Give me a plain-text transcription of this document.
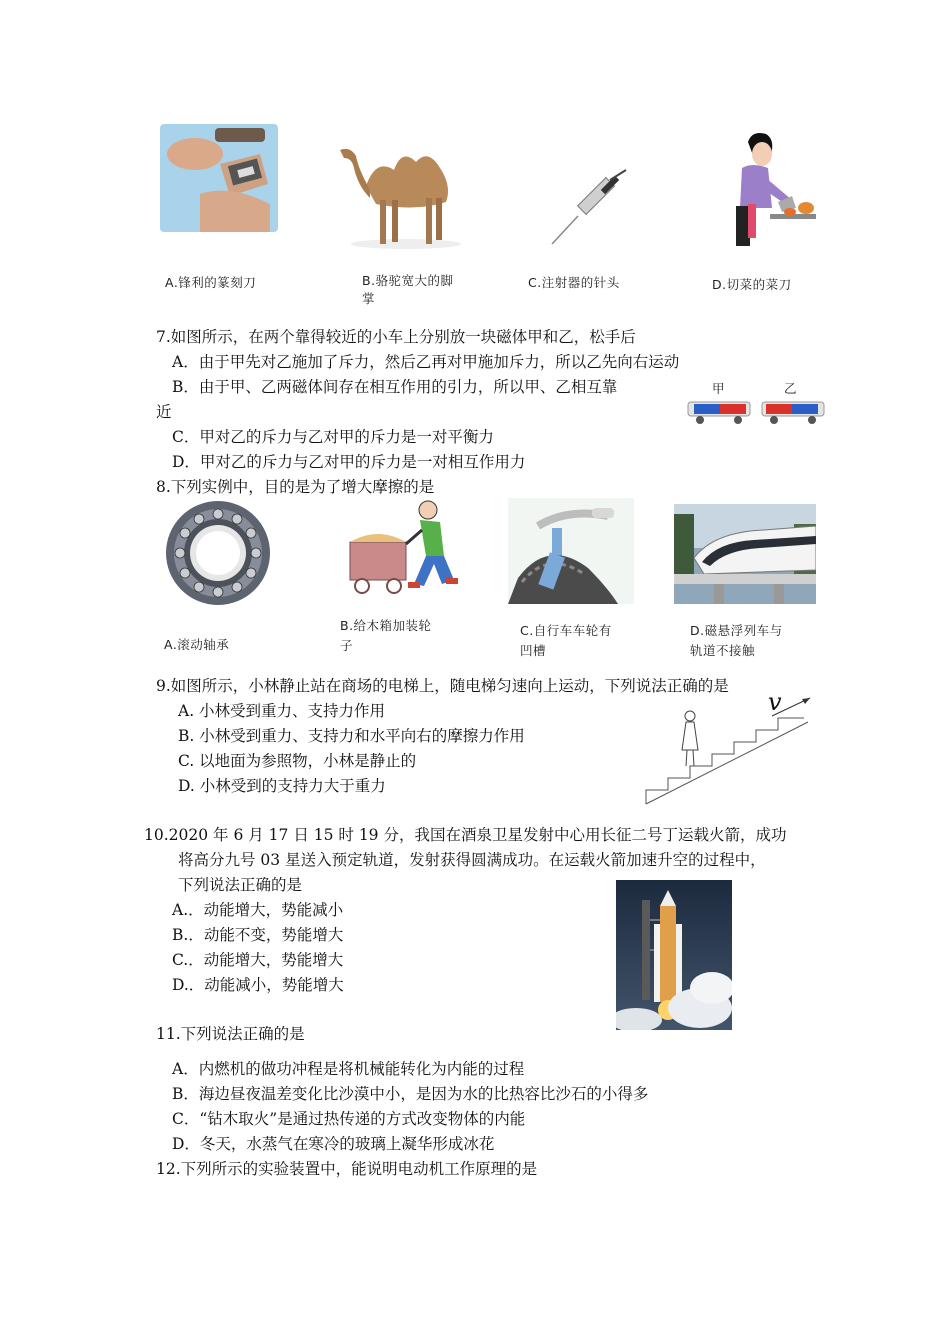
A.锋利的篆刻刀	B.骆驼宽大的脚
掌
C.注射器的针头	D.切菜的菜刀
7.如图所示，在两个靠得较近的小车上分别放一块磁体甲和乙，松手后
A．由于甲先对乙施加了斥力，然后乙再对甲施加斥力，所以乙先向右运动
B．由于甲、乙两磁体间存在相互作用的引力，所以甲、乙相互靠
近
C．甲对乙的斥力与乙对甲的斥力是一对平衡力
D．甲对乙的斥力与乙对甲的斥力是一对相互作用力
甲	乙
8.下列实例中，目的是为了增大摩擦的是
A.滚动轴承
B.给木箱加装轮
子
C.自行车车轮有
凹槽
D.磁悬浮列车与
轨道不接触
9.如图所示，小林静止站在商场的电梯上，随电梯匀速向上运动，下列说法正确的是
A. 小林受到重力、支持力作用
B. 小林受到重力、支持力和水平向右的摩擦力作用
C. 以地面为参照物，小林是静止的
D. 小林受到的支持力大于重力
v
10.2020 年 6 月 17 日 15 时 19 分，我国在酒泉卫星发射中心用长征二号丁运载火箭，成功
将高分九号 03 星送入预定轨道，发射获得圆满成功。在运载火箭加速升空的过程中，
下列说法正确的是
A.．动能增大，势能减小
B.．动能不变，势能增大
C.．动能增大，势能增大
D.．动能减小，势能增大
11.下列说法正确的是
A．内燃机的做功冲程是将机械能转化为内能的过程
B．海边昼夜温差变化比沙漠中小，是因为水的比热容比沙石的小得多
C．“钻木取火”是通过热传递的方式改变物体的内能
D．冬天，水蒸气在寒冷的玻璃上凝华形成冰花
12.下列所示的实验装置中，能说明电动机工作原理的是
